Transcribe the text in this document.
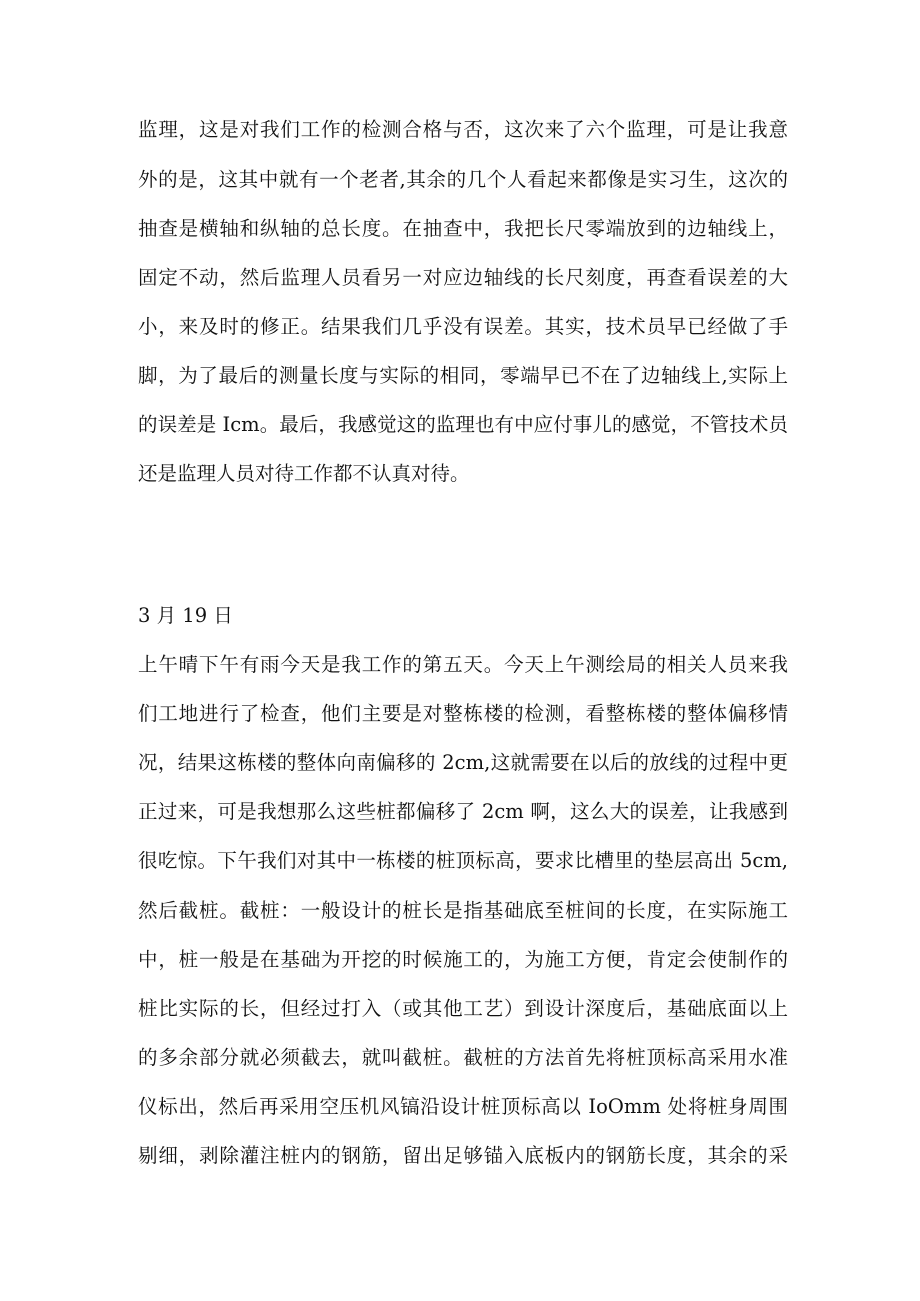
监理，这是对我们工作的检测合格与否，这次来了六个监理，可是让我意
外的是，这其中就有一个老者,其余的几个人看起来都像是实习生，这次的
抽查是横轴和纵轴的总长度。在抽查中，我把长尺零端放到的边轴线上，
固定不动，然后监理人员看另一对应边轴线的长尺刻度，再查看误差的大
小，来及时的修正。结果我们几乎没有误差。其实，技术员早已经做了手
脚，为了最后的测量长度与实际的相同，零端早已不在了边轴线上,实际上
的误差是 Icm。最后，我感觉这的监理也有中应付事儿的感觉，不管技术员
还是监理人员对待工作都不认真对待。
3 月 19 日
上午晴下午有雨今天是我工作的第五天。今天上午测绘局的相关人员来我
们工地进行了检查，他们主要是对整栋楼的检测，看整栋楼的整体偏移情
况，结果这栋楼的整体向南偏移的 2cm,这就需要在以后的放线的过程中更
正过来，可是我想那么这些桩都偏移了 2cm 啊，这么大的误差，让我感到
很吃惊。下午我们对其中一栋楼的桩顶标高，要求比槽里的垫层高出 5cm,
然后截桩。截桩：一般设计的桩长是指基础底至桩间的长度，在实际施工
中，桩一般是在基础为开挖的时候施工的，为施工方便，肯定会使制作的
桩比实际的长，但经过打入（或其他工艺）到设计深度后，基础底面以上
的多余部分就必须截去，就叫截桩。截桩的方法首先将桩顶标高采用水准
仪标出，然后再采用空压机风镐沿设计桩顶标高以 IoOmm 处将桩身周围
剔细，剥除灌注桩内的钢筋，留出足够锚入底板内的钢筋长度，其余的采
